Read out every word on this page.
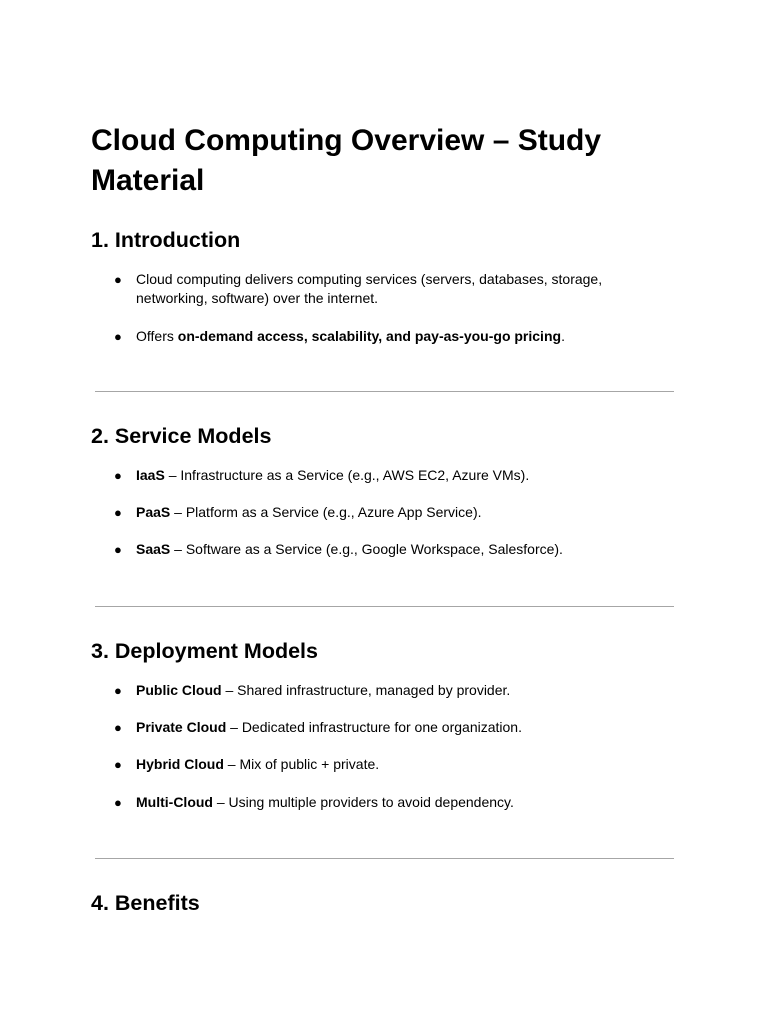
Cloud Computing Overview – Study Material
1. Introduction
● Cloud computing delivers computing services (servers, databases, storage, networking, software) over the internet.
● Offers on-demand access, scalability, and pay-as-you-go pricing.
2. Service Models
● IaaS – Infrastructure as a Service (e.g., AWS EC2, Azure VMs).
● PaaS – Platform as a Service (e.g., Azure App Service).
● SaaS – Software as a Service (e.g., Google Workspace, Salesforce).
3. Deployment Models
● Public Cloud – Shared infrastructure, managed by provider.
● Private Cloud – Dedicated infrastructure for one organization.
● Hybrid Cloud – Mix of public + private.
● Multi-Cloud – Using multiple providers to avoid dependency.
4. Benefits
